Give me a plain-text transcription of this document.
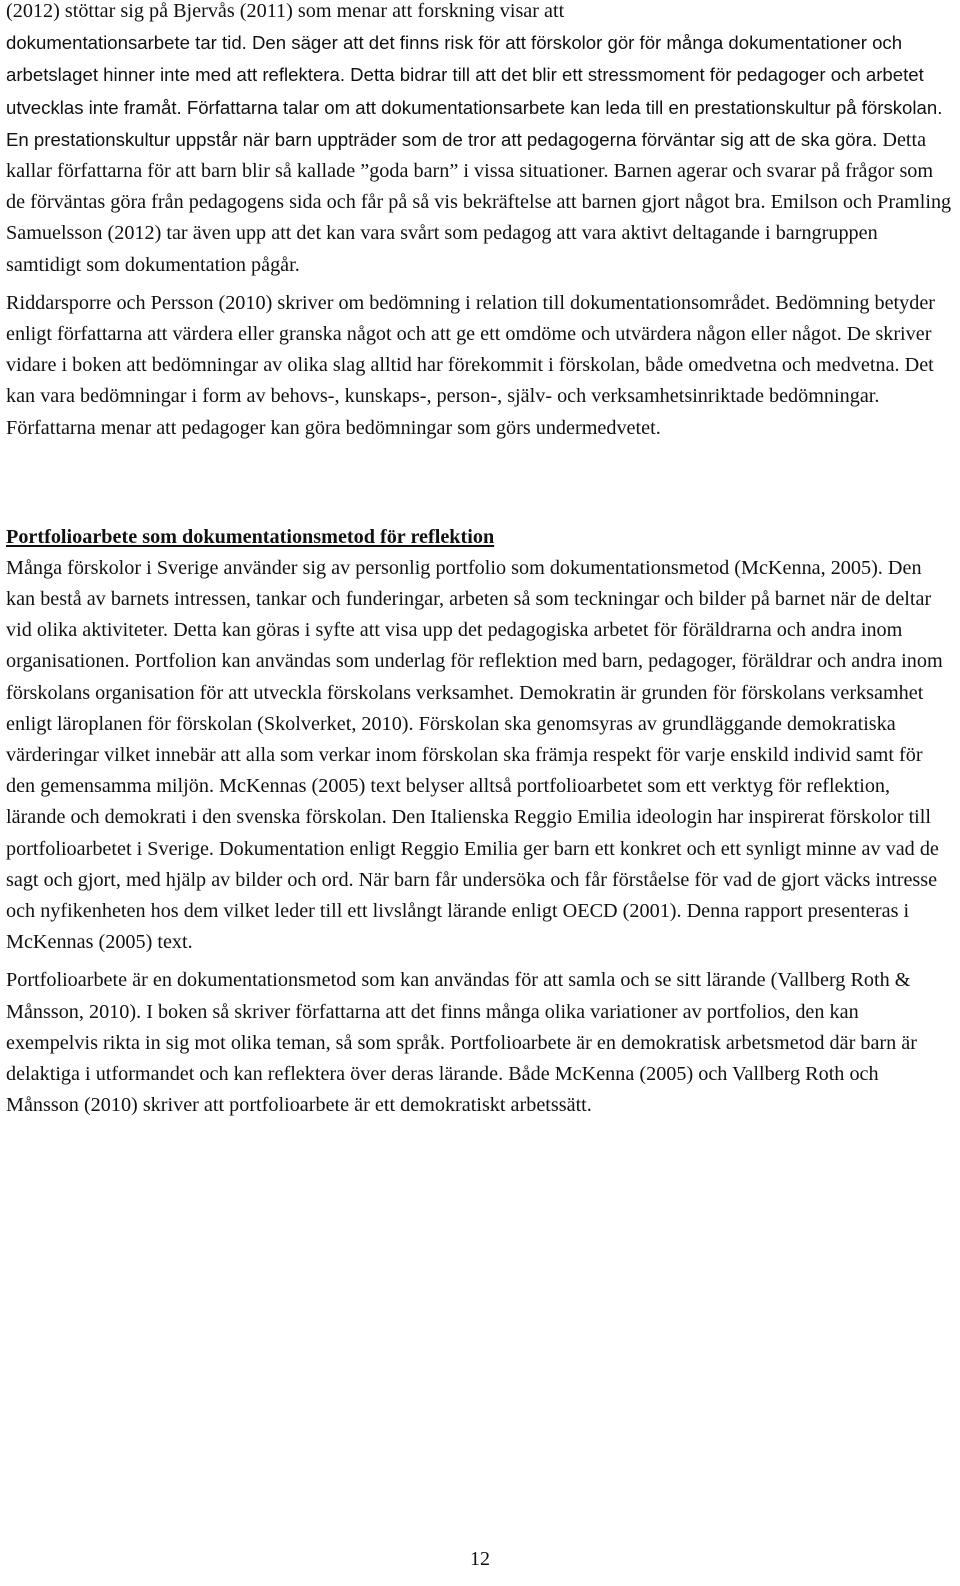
(2012) stöttar sig på Bjervås (2011) som menar att forskning visar att
dokumentationsarbete tar tid. Den säger att det finns risk för att förskolor gör för många dokumentationer och arbetslaget hinner inte med att reflektera. Detta bidrar till att det blir ett stressmoment för pedagoger och arbetet utvecklas inte framåt. Författarna talar om att dokumentationsarbete kan leda till en prestationskultur på förskolan. En prestationskultur uppstår när barn uppträder som de tror att pedagogerna förväntar sig att de ska göra. Detta kallar författarna för att barn blir så kallade ”goda barn” i vissa situationer. Barnen agerar och svarar på frågor som de förväntas göra från pedagogens sida och får på så vis bekräftelse att barnen gjort något bra. Emilson och Pramling Samuelsson (2012) tar även upp att det kan vara svårt som pedagog att vara aktivt deltagande i barngruppen samtidigt som dokumentation pågår.

Riddarsporre och Persson (2010) skriver om bedömning i relation till dokumentationsområdet. Bedömning betyder enligt författarna att värdera eller granska något och att ge ett omdöme och utvärdera någon eller något. De skriver vidare i boken att bedömningar av olika slag alltid har förekommit i förskolan, både omedvetna och medvetna. Det kan vara bedömningar i form av behovs-, kunskaps-, person-, själv- och verksamhetsinriktade bedömningar. Författarna menar att pedagoger kan göra bedömningar som görs undermedvetet.

Portfolioarbete som dokumentationsmetod för reflektion

Många förskolor i Sverige använder sig av personlig portfolio som dokumentationsmetod (McKenna, 2005). Den kan bestå av barnets intressen, tankar och funderingar, arbeten så som teckningar och bilder på barnet när de deltar vid olika aktiviteter. Detta kan göras i syfte att visa upp det pedagogiska arbetet för föräldrarna och andra inom organisationen. Portfolion kan användas som underlag för reflektion med barn, pedagoger, föräldrar och andra inom förskolans organisation för att utveckla förskolans verksamhet. Demokratin är grunden för förskolans verksamhet enligt läroplanen för förskolan (Skolverket, 2010). Förskolan ska genomsyras av grundläggande demokratiska värderingar vilket innebär att alla som verkar inom förskolan ska främja respekt för varje enskild individ samt för den gemensamma miljön. McKennas (2005) text belyser alltså portfolioarbetet som ett verktyg för reflektion, lärande och demokrati i den svenska förskolan. Den Italienska Reggio Emilia ideologin har inspirerat förskolor till portfolioarbetet i Sverige. Dokumentation enligt Reggio Emilia ger barn ett konkret och ett synligt minne av vad de sagt och gjort, med hjälp av bilder och ord. När barn får undersöka och får förståelse för vad de gjort väcks intresse och nyfikenheten hos dem vilket leder till ett livslångt lärande enligt OECD (2001). Denna rapport presenteras i McKennas (2005) text.

Portfolioarbete är en dokumentationsmetod som kan användas för att samla och se sitt lärande (Vallberg Roth & Månsson, 2010). I boken så skriver författarna att det finns många olika variationer av portfolios, den kan exempelvis rikta in sig mot olika teman, så som språk. Portfolioarbete är en demokratisk arbetsmetod där barn är delaktiga i utformandet och kan reflektera över deras lärande. Både McKenna (2005) och Vallberg Roth och Månsson (2010) skriver att portfolioarbete är ett demokratiskt arbetssätt.

12
